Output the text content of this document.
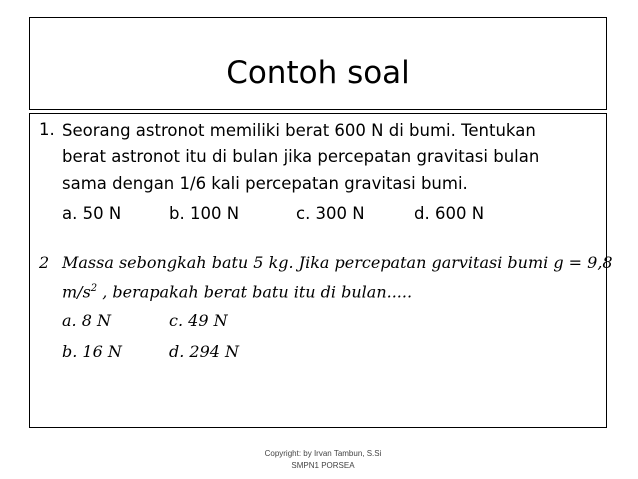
Contoh soal
1. Seorang astronot memiliki berat 600 N di bumi. Tentukan
berat astronot itu di bulan jika percepatan gravitasi bulan
sama dengan 1/6 kali percepatan gravitasi bumi.
a. 50 N	b. 100 N	c. 300 N	d. 600 N
2 Massa sebongkah batu 5 kg. Jika percepatan garvitasi bumi g = 9,8
$m/s^2$ , berapakah berat batu itu di bulan.....
a. 8 N	c. 49 N
b. 16 N	d. 294 N
Copyright: by Irvan Tambun, S.Si
SMPN1 PORSEA
